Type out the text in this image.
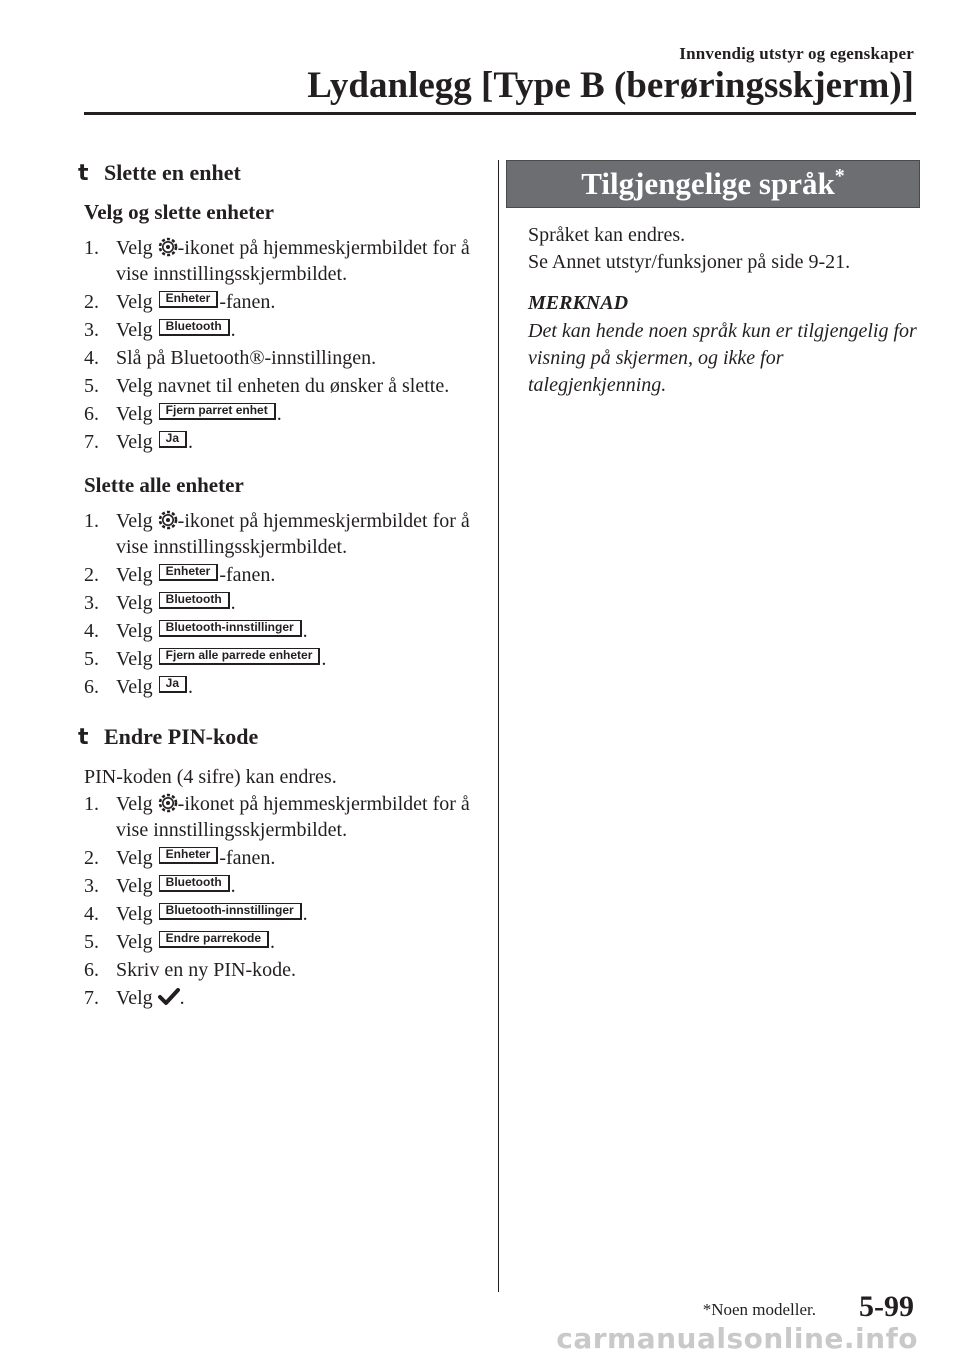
Innvendig utstyr og egenskaper
Lydanlegg [Type B (berøringsskjerm)]
t Slette en enhet
Velg og slette enheter
1. Velg -ikonet på hjemmeskjermbildet for å vise innstillingsskjermbildet.
2. Velg Enheter -fanen.
3. Velg Bluetooth .
4. Slå på Bluetooth®-innstillingen.
5. Velg navnet til enheten du ønsker å slette.
6. Velg Fjern parret enhet .
7. Velg Ja .
Slette alle enheter
1. Velg -ikonet på hjemmeskjermbildet for å vise innstillingsskjermbildet.
2. Velg Enheter -fanen.
3. Velg Bluetooth .
4. Velg Bluetooth-innstillinger .
5. Velg Fjern alle parrede enheter .
6. Velg Ja .
t Endre PIN-kode

PIN-koden (4 sifre) kan endres.

1. Velg -ikonet på hjemmeskjermbildet for å vise innstillingsskjermbildet.
2. Velg Enheter -fanen.
3. Velg Bluetooth .
4. Velg Bluetooth-innstillinger .
5. Velg Endre parrekode .
6. Skriv en ny PIN-kode.
7. Velg .
Tilgjengelige språk*

Språket kan endres.

Se Annet utstyr/funksjoner på side 9-21.

MERKNAD

Det kan hende noen språk kun er tilgjengelig for visning på skjermen, og ikke for talegjenkjenning.

*Noen modeller. 5-99
carmanualsonline.info
